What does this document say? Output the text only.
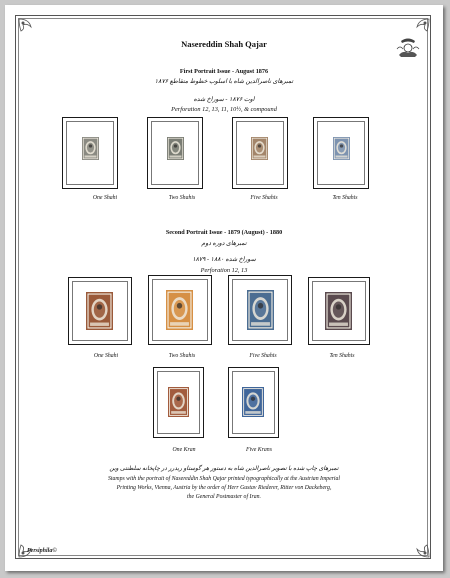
Nasereddin Shah Qajar
First Portrait Issue - August 1876
تمبرهای ناصرالدین شاه با اسلوب خطوط متقاطع ۱۸۷۶
اوت ۱۸۷۶ - سوراخ شده
Perforation 12, 13, 11, 10½, & compound
One Shahi	Two Shahis	Five Shahis	Ten Shahis
Second Portrait Issue - 1879 (August) - 1880
تمبرهای دوره دوم
۱۸۷۹ - ۱۸۸۰ سوراخ شده
Perforation 12, 13
One Shahi	Two Shahis	Five Shahis	Ten Shahis
One Kran	Five Krans
تمبرهای چاپ شده با تصویر ناصرالدین شاه به دستور هر گوستاو ریدرر در چاپخانه سلطنتی وین
Stamps with the portrait of Nasereddin Shah Qajar printed typographically at the Austrian Imperial
Printing Works, Vienna, Austria by the order of Herr Gustav Riederer, Ritter von Dackeberg,
the General Postmaster of Iran.
Persiphila©
